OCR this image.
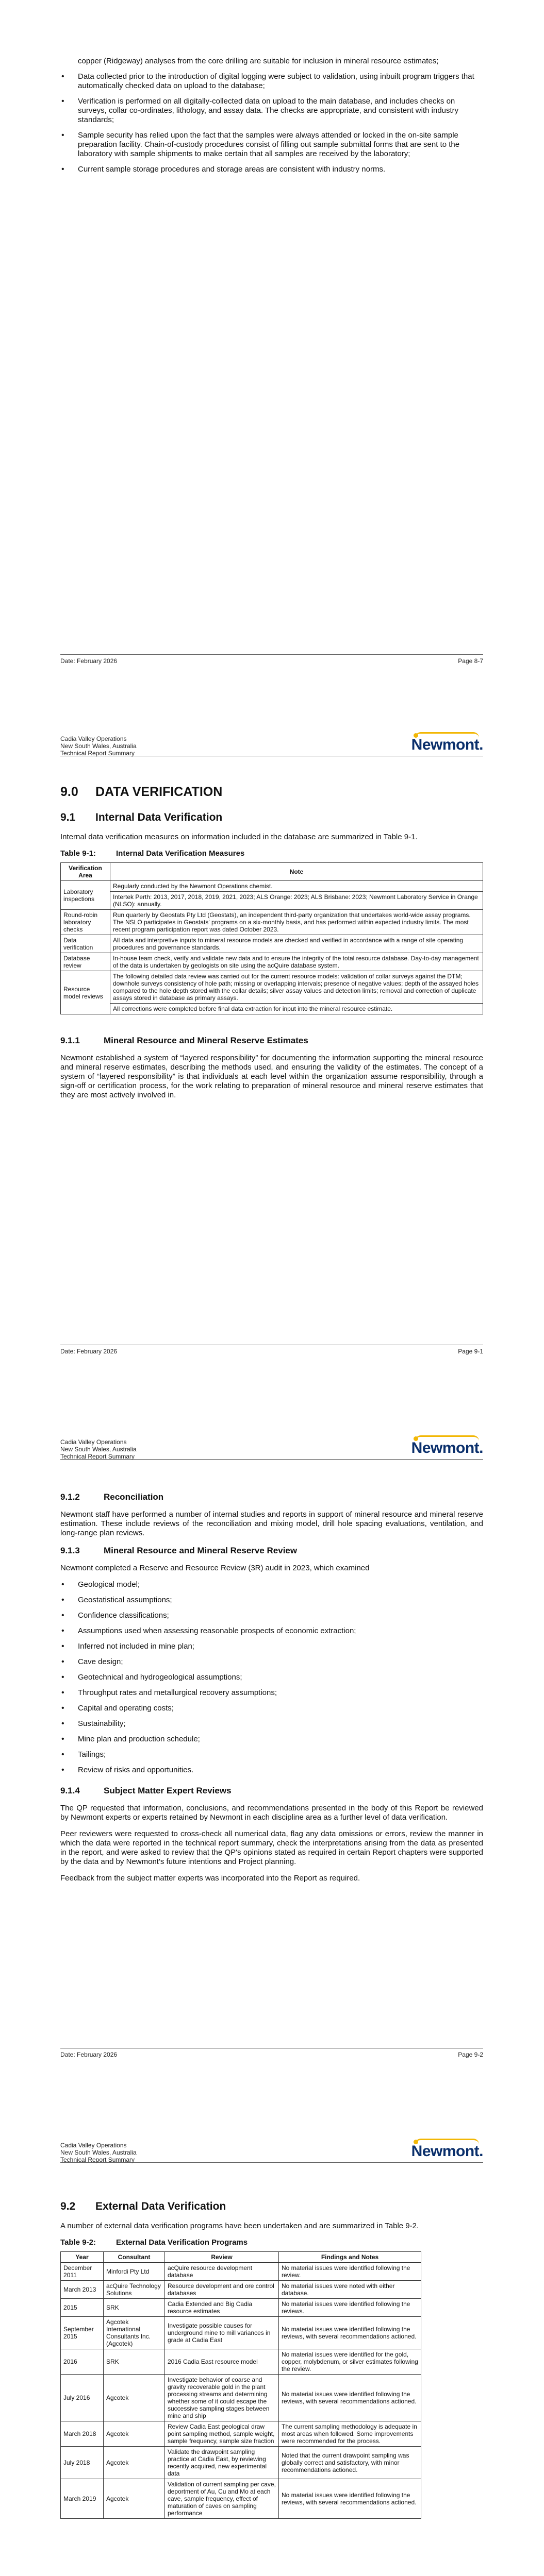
copper (Ridgeway) analyses from the core drilling are suitable for inclusion in mineral resource estimates;

• Data collected prior to the introduction of digital logging were subject to validation, using inbuilt program triggers that automatically checked data on upload to the database;
• Verification is performed on all digitally-collected data on upload to the main database, and includes checks on surveys, collar co-ordinates, lithology, and assay data. The checks are appropriate, and consistent with industry standards;
• Sample security has relied upon the fact that the samples were always attended or locked in the on-site sample preparation facility. Chain-of-custody procedures consist of filling out sample submittal forms that are sent to the laboratory with sample shipments to make certain that all samples are received by the laboratory;
• Current sample storage procedures and storage areas are consistent with industry norms.
Date: February 2026	Page 8-7
Cadia Valley Operations
New South Wales, Australia
Technical Report Summary	Newmont.
9.0 DATA VERIFICATION
9.1 Internal Data Verification

Internal data verification measures on information included in the database are summarized in Table 9-1.

Table 9-1:	Internal Data Verification Measures
Verification Area	Note
Laboratory inspections	Regularly conducted by the Newmont Operations chemist.
Intertek Perth: 2013, 2017, 2018, 2019, 2021, 2023; ALS Orange: 2023; ALS Brisbane: 2023; Newmont Laboratory Service in Orange (NLSO): annually.

Round-robin laboratory checks	Run quarterly by Geostats Pty Ltd (Geostats), an independent third-party organization that undertakes world-wide assay programs. The NSLO participates in Geostats' programs on a six-monthly basis, and has performed within expected industry limits. The most recent program participation report was dated October 2023.
Data verification	All data and interpretive inputs to mineral resource models are checked and verified in accordance with a range of site operating procedures and governance standards.
Database review	In-house team check, verify and validate new data and to ensure the integrity of the total resource database. Day-to-day management of the data is undertaken by geologists on site using the acQuire database system.
Resource model reviews	The following detailed data review was carried out for the current resource models: validation of collar surveys against the DTM; downhole surveys consistency of hole path; missing or overlapping intervals; presence of negative values; depth of the assayed holes compared to the hole depth stored with the collar details; silver assay values and detection limits; removal and correction of duplicate assays stored in database as primary assays.
All corrections were completed before final data extraction for input into the mineral resource estimate.
9.1.1	Mineral Resource and Mineral Reserve Estimates

Newmont established a system of “layered responsibility” for documenting the information supporting the mineral resource and mineral reserve estimates, describing the methods used, and ensuring the validity of the estimates. The concept of a system of “layered responsibility” is that individuals at each level within the organization assume responsibility, through a sign-off or certification process, for the work relating to preparation of mineral resource and mineral reserve estimates that they are most actively involved in.

Date: February 2026	Page 9-1
Cadia Valley Operations
New South Wales, Australia
Technical Report Summary	Newmont.
9.1.2	Reconciliation

Newmont staff have performed a number of internal studies and reports in support of mineral resource and mineral reserve estimation. These include reviews of the reconciliation and mixing model, drill hole spacing evaluations, ventilation, and long-range plan reviews.

9.1.3	Mineral Resource and Mineral Reserve Review

Newmont completed a Reserve and Resource Review (3R) audit in 2023, which examined

• Geological model;
• Geostatistical assumptions;
• Confidence classifications;
• Assumptions used when assessing reasonable prospects of economic extraction;
• Inferred not included in mine plan;
• Cave design;
• Geotechnical and hydrogeological assumptions;
• Throughput rates and metallurgical recovery assumptions;
• Capital and operating costs;
• Sustainability;
• Mine plan and production schedule;
• Tailings;
• Review of risks and opportunities.
9.1.4	Subject Matter Expert Reviews

The QP requested that information, conclusions, and recommendations presented in the body of this Report be reviewed by Newmont experts or experts retained by Newmont in each discipline area as a further level of data verification.

Peer reviewers were requested to cross-check all numerical data, flag any data omissions or errors, review the manner in which the data were reported in the technical report summary, check the interpretations arising from the data as presented in the report, and were asked to review that the QP's opinions stated as required in certain Report chapters were supported by the data and by Newmont's future intentions and Project planning.

Feedback from the subject matter experts was incorporated into the Report as required.

Date: February 2026	Page 9-2
Cadia Valley Operations
New South Wales, Australia
Technical Report Summary	Newmont.
9.2 External Data Verification

A number of external data verification programs have been undertaken and are summarized in Table 9-2.

Table 9-2:	External Data Verification Programs
Year	Consultant	Review	Findings and Notes
December 2011	Minfordi Pty Ltd	acQuire resource development database	No material issues were identified following the review.
March 2013	acQuire Technology Solutions	Resource development and ore control databases	No material issues were noted with either database.
2015	SRK	Cadia Extended and Big Cadia resource estimates	No material issues were identified following the reviews.
September 2015	Agcotek International Consultants Inc. (Agcotek)	Investigate possible causes for underground mine to mill variances in grade at Cadia East	No material issues were identified following the reviews, with several recommendations actioned.
2016	SRK	2016 Cadia East resource model	No material issues were identified for the gold, copper, molybdenum, or silver estimates following the review.
July 2016	Agcotek	Investigate behavior of coarse and gravity recoverable gold in the plant processing streams and determining whether some of it could escape the successive sampling stages between mine and ship	No material issues were identified following the reviews, with several recommendations actioned.
March 2018	Agcotek	Review Cadia East geological draw point sampling method, sample weight, sample frequency, sample size fraction	The current sampling methodology is adequate in most areas when followed. Some improvements were recommended for the process.
July 2018	Agcotek	Validate the drawpoint sampling practice at Cadia East, by reviewing recently acquired, new experimental data	Noted that the current drawpoint sampling was globally correct and satisfactory, with minor recommendations actioned.
March 2019	Agcotek	Validation of current sampling per cave, deportment of Au, Cu and Mo at each cave, sample frequency, effect of maturation of caves on sampling performance	No material issues were identified following the reviews, with several recommendations actioned.
